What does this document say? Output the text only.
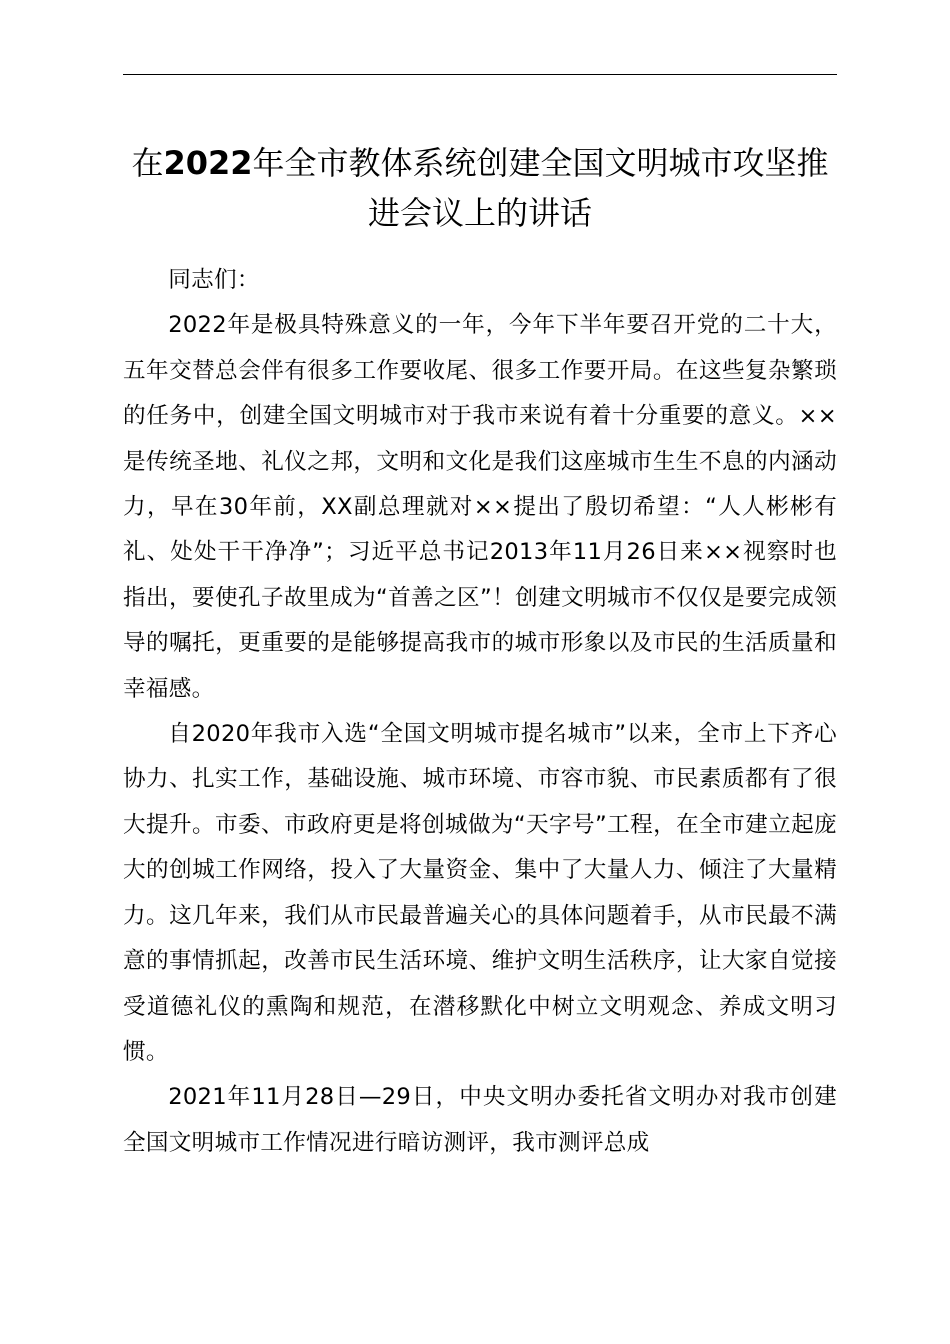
在2022年全市教体系统创建全国文明城市攻坚推进会议上的讲话

同志们：

2022年是极具特殊意义的一年，今年下半年要召开党的二十大，五年交替总会伴有很多工作要收尾、很多工作要开局。在这些复杂繁琐的任务中，创建全国文明城市对于我市来说有着十分重要的意义。××是传统圣地、礼仪之邦，文明和文化是我们这座城市生生不息的内涵动力，早在30年前，XX副总理就对××提出了殷切希望：“人人彬彬有礼、处处干干净净”；习近平总书记2013年11月26日来××视察时也指出，要使孔子故里成为“首善之区”！创建文明城市不仅仅是要完成领导的嘱托，更重要的是能够提高我市的城市形象以及市民的生活质量和幸福感。

自2020年我市入选“全国文明城市提名城市”以来，全市上下齐心协力、扎实工作，基础设施、城市环境、市容市貌、市民素质都有了很大提升。市委、市政府更是将创城做为“天字号”工程，在全市建立起庞大的创城工作网络，投入了大量资金、集中了大量人力、倾注了大量精力。这几年来，我们从市民最普遍关心的具体问题着手，从市民最不满意的事情抓起，改善市民生活环境、维护文明生活秩序，让大家自觉接受道德礼仪的熏陶和规范，在潜移默化中树立文明观念、养成文明习惯。

2021年11月28日—29日，中央文明办委托省文明办对我市创建全国文明城市工作情况进行暗访测评，我市测评总成
